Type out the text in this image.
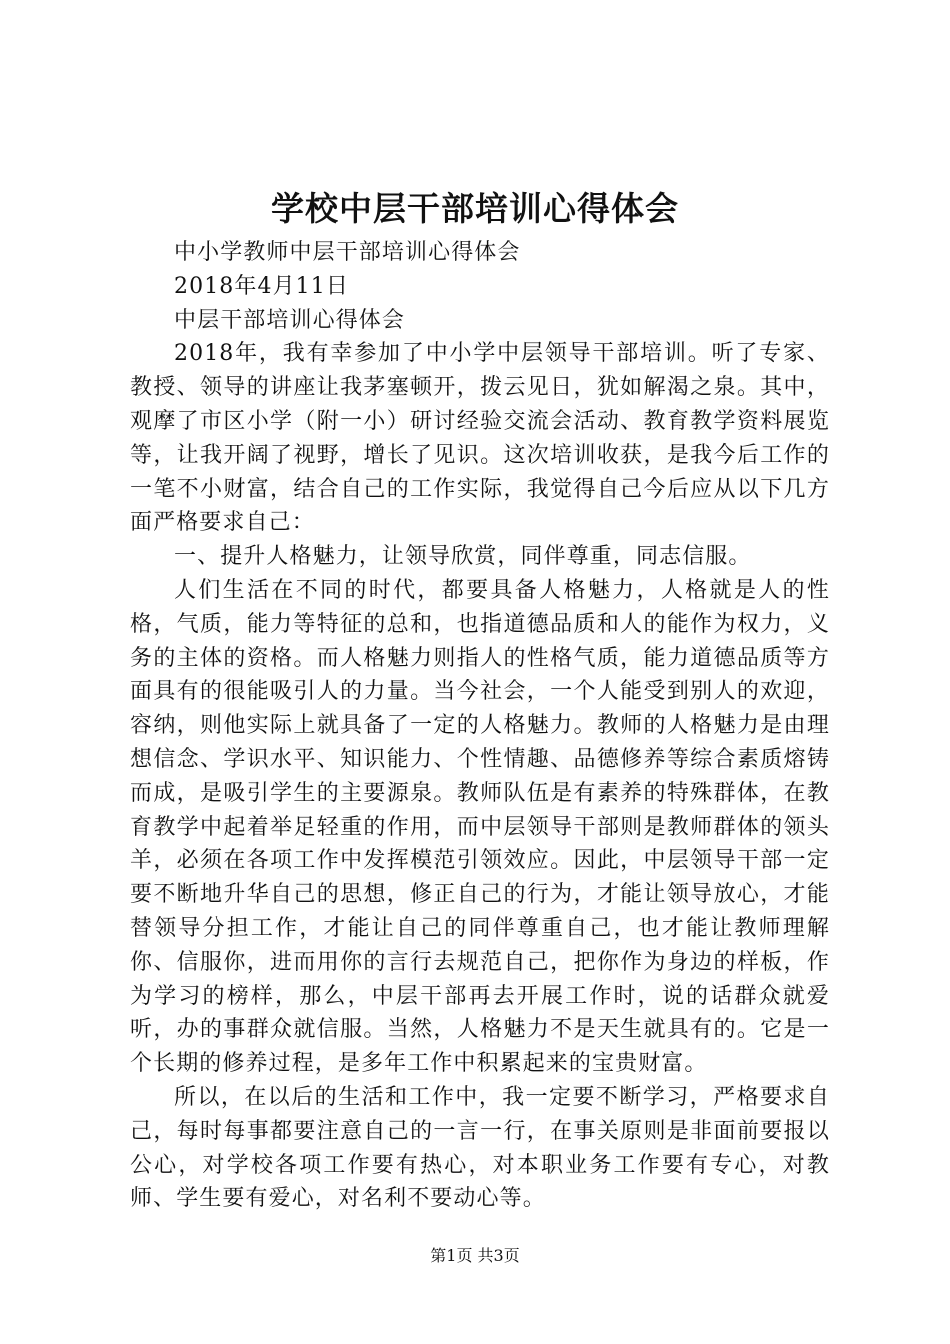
学校中层干部培训心得体会

中小学教师中层干部培训心得体会

2018年4月11日

中层干部培训心得体会

2018年，我有幸参加了中小学中层领导干部培训。听了专家、教授、领导的讲座让我茅塞顿开，拨云见日，犹如解渴之泉。其中，观摩了市区小学（附一小）研讨经验交流会活动、教育教学资料展览等，让我开阔了视野，增长了见识。这次培训收获，是我今后工作的一笔不小财富，结合自己的工作实际，我觉得自己今后应从以下几方面严格要求自己：

一、提升人格魅力，让领导欣赏，同伴尊重，同志信服。

人们生活在不同的时代，都要具备人格魅力，人格就是人的性格，气质，能力等特征的总和，也指道德品质和人的能作为权力，义务的主体的资格。而人格魅力则指人的性格气质，能力道德品质等方面具有的很能吸引人的力量。当今社会，一个人能受到别人的欢迎，容纳，则他实际上就具备了一定的人格魅力。教师的人格魅力是由理想信念、学识水平、知识能力、个性情趣、品德修养等综合素质熔铸而成，是吸引学生的主要源泉。教师队伍是有素养的特殊群体，在教育教学中起着举足轻重的作用，而中层领导干部则是教师群体的领头羊，必须在各项工作中发挥模范引领效应。因此，中层领导干部一定要不断地升华自己的思想，修正自己的行为，才能让领导放心，才能替领导分担工作，才能让自己的同伴尊重自己，也才能让教师理解你、信服你，进而用你的言行去规范自己，把你作为身边的样板，作为学习的榜样，那么，中层干部再去开展工作时，说的话群众就爱听，办的事群众就信服。当然，人格魅力不是天生就具有的。它是一个长期的修养过程，是多年工作中积累起来的宝贵财富。

所以，在以后的生活和工作中，我一定要不断学习，严格要求自己，每时每事都要注意自己的一言一行，在事关原则是非面前要报以公心，对学校各项工作要有热心，对本职业务工作要有专心，对教师、学生要有爱心，对名利不要动心等。

第1页 共3页
